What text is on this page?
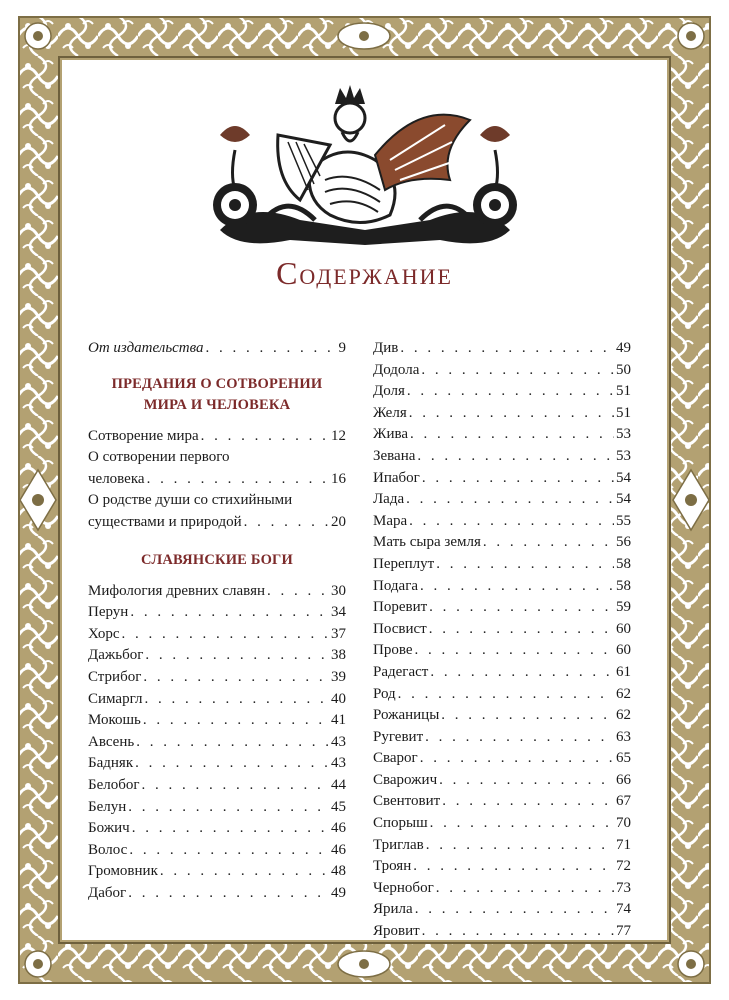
Содержание
От издательства . . .	9
ПРЕДАНИЯ О СОТВОРЕНИИ
МИРА И ЧЕЛОВЕКА
Сотворение мира . . .	12
О сотворении первого
человека . . .	16
О родстве души со стихийными
существами и природой . . .	20
СЛАВЯНСКИЕ БОГИ
Мифология древних славян . . .	30
Перун . . .	34
Хорс . . .	37
Дажьбог . . .	38
Стрибог . . .	39
Симаргл . . .	40
Мокошь . . .	41
Авсень . . .	43
Бадняк . . .	43
Белобог . . .	44
Белун . . .	45
Божич . . .	46
Волос . . .	46
Громовник . . .	48
Дабог . . .	49
Див . . .	49
Додола . . .	50
Доля . . .	51
Желя . . .	51
Жива . . .	53
Зевана . . .	53
Ипабог . . .	54
Лада . . .	54
Мара . . .	55
Мать сыра земля . . .	56
Переплут . . .	58
Подага . . .	58
Поревит . . .	59
Посвист . . .	60
Прове . . .	60
Радегаст . . .	61
Род . . .	62
Рожаницы . . .	62
Ругевит . . .	63
Сварог . . .	65
Сварожич . . .	66
Свентовит . . .	67
Спорыш . . .	70
Триглав . . .	71
Троян . . .	72
Чернобог . . .	73
Ярила . . .	74
Яровит . . .	77
